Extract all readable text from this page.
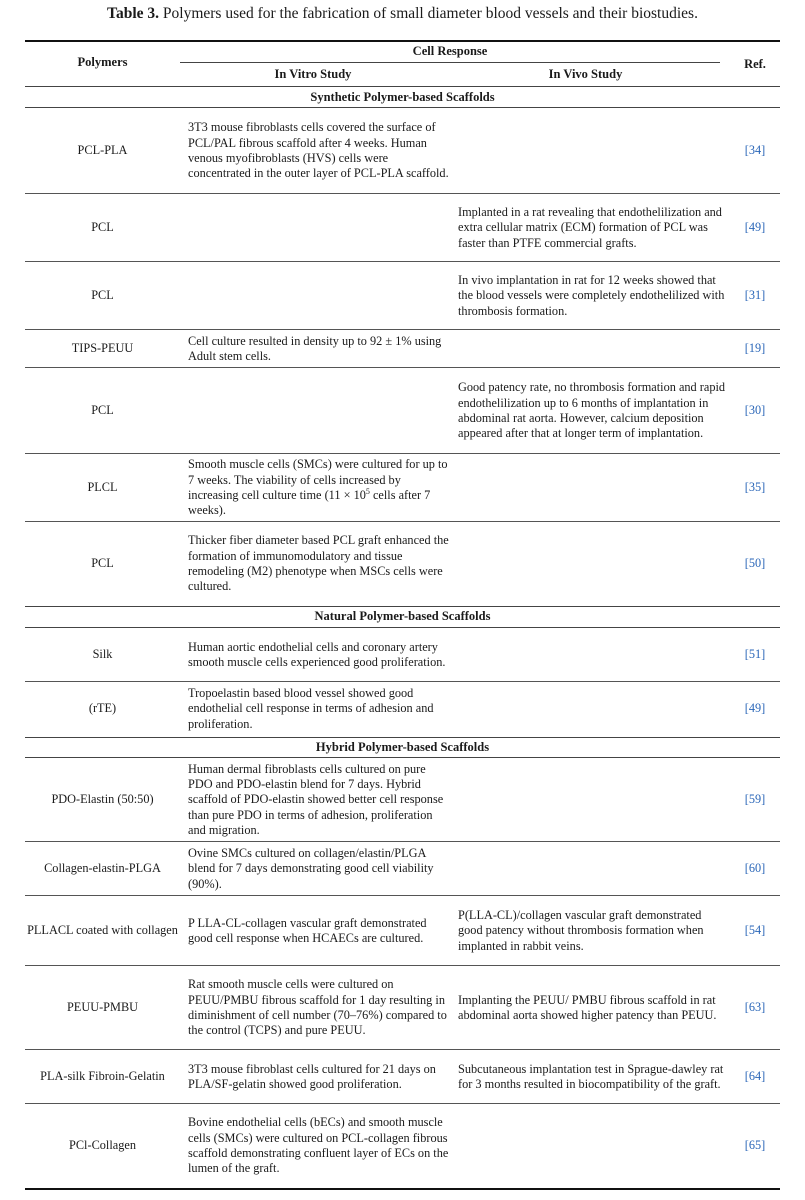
Table 3. Polymers used for the fabrication of small diameter blood vessels and their biostudies.
Polymers
Cell Response
In Vitro Study	In Vivo Study
Ref.
Synthetic Polymer-based Scaffolds
PCL-PLA
3T3 mouse fibroblasts cells covered the surface of PCL/PAL fibrous scaffold after 4 weeks. Human venous myofibroblasts (HVS) cells were concentrated in the outer layer of PCL-PLA scaffold.
[34]
PCL
Implanted in a rat revealing that endothelilization and extra cellular matrix (ECM) formation of PCL was faster than PTFE commercial grafts.
[49]
PCL
In vivo implantation in rat for 12 weeks showed that the blood vessels were completely endothelilized with thrombosis formation.
[31]
TIPS-PEUU
Cell culture resulted in density up to 92 ± 1% using Adult stem cells.
[19]
PCL
Good patency rate, no thrombosis formation and rapid endothelilization up to 6 months of implantation in abdominal rat aorta. However, calcium deposition appeared after that at longer term of implantation.
[30]
PLCL
Smooth muscle cells (SMCs) were cultured for up to 7 weeks. The viability of cells increased by increasing cell culture time ($11 \times 10^5$ cells after 7 weeks).
[35]
PCL
Thicker fiber diameter based PCL graft enhanced the formation of immunomodulatory and tissue remodeling (M2) phenotype when MSCs cells were cultured.
[50]
Natural Polymer-based Scaffolds
Silk
Human aortic endothelial cells and coronary artery smooth muscle cells experienced good proliferation.
[51]
(rTE)
Tropoelastin based blood vessel showed good endothelial cell response in terms of adhesion and proliferation.
[49]
Hybrid Polymer-based Scaffolds
PDO-Elastin (50:50)
Human dermal fibroblasts cells cultured on pure PDO and PDO-elastin blend for 7 days. Hybrid scaffold of PDO-elastin showed better cell response than pure PDO in terms of adhesion, proliferation and migration.
[59]
Collagen-elastin-PLGA
Ovine SMCs cultured on collagen/elastin/PLGA blend for 7 days demonstrating good cell viability (90%).
[60]
PLLACL coated with collagen
P LLA-CL-collagen vascular graft demonstrated good cell response when HCAECs are cultured.
P(LLA-CL)/collagen vascular graft demonstrated good patency without thrombosis formation when implanted in rabbit veins.
[54]
PEUU-PMBU
Rat smooth muscle cells were cultured on PEUU/PMBU fibrous scaffold for 1 day resulting in diminishment of cell number (70–76%) compared to the control (TCPS) and pure PEUU.
Implanting the PEUU/ PMBU fibrous scaffold in rat abdominal aorta showed higher patency than PEUU.
[63]
PLA-silk Fibroin-Gelatin
3T3 mouse fibroblast cells cultured for 21 days on PLA/SF-gelatin showed good proliferation.
Subcutaneous implantation test in Sprague-dawley rat for 3 months resulted in biocompatibility of the graft.
[64]
PCl-Collagen
Bovine endothelial cells (bECs) and smooth muscle cells (SMCs) were cultured on PCL-collagen fibrous scaffold demonstrating confluent layer of ECs on the lumen of the graft.
[65]
